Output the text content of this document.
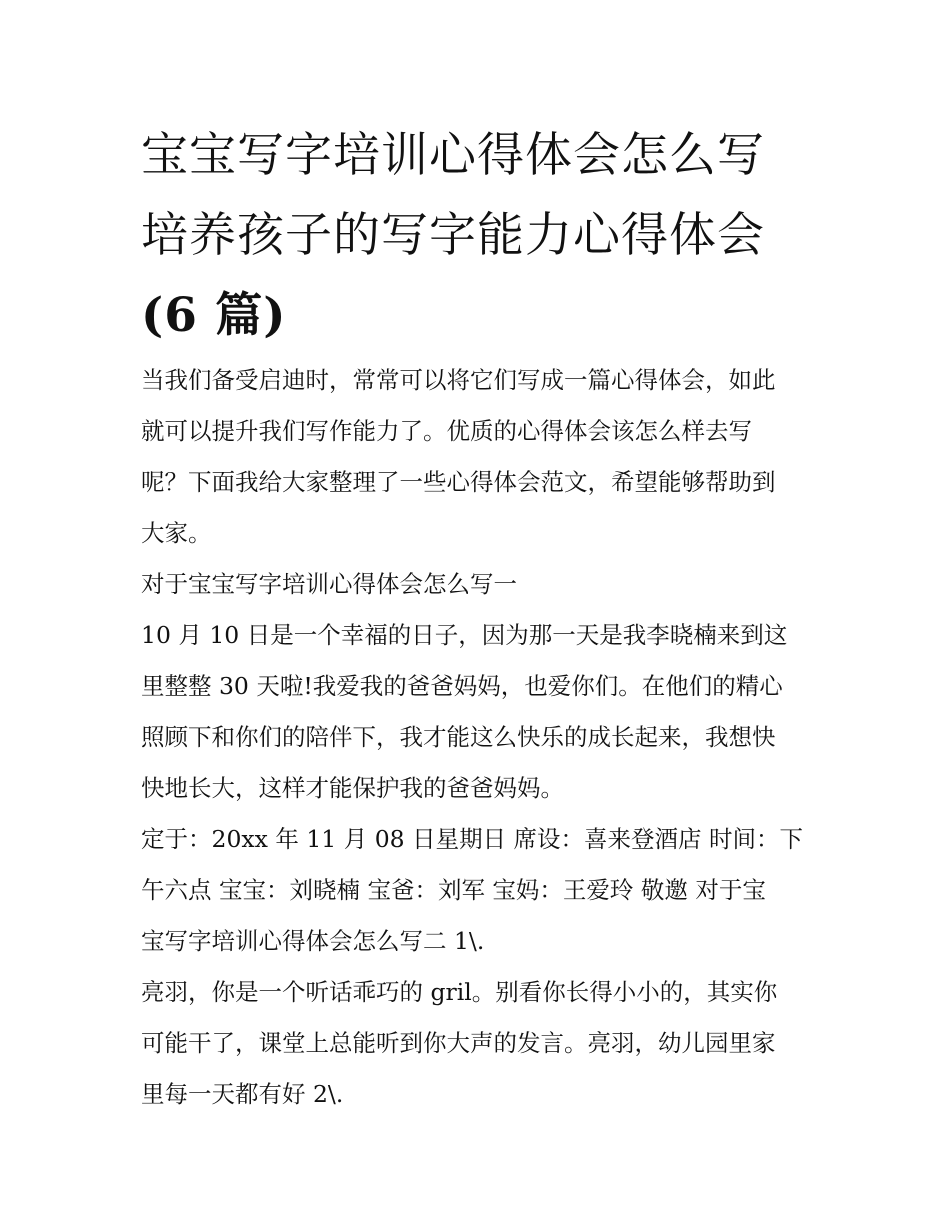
宝宝写字培训心得体会怎么写
培养孩子的写字能力心得体会
(6 篇)
当我们备受启迪时，常常可以将它们写成一篇心得体会，如此
就可以提升我们写作能力了。优质的心得体会该怎么样去写
呢？下面我给大家整理了一些心得体会范文，希望能够帮助到
大家。
对于宝宝写字培训心得体会怎么写一
10 月 10 日是一个幸福的日子，因为那一天是我李晓楠来到这
里整整 30 天啦!我爱我的爸爸妈妈，也爱你们。在他们的精心
照顾下和你们的陪伴下，我才能这么快乐的成长起来，我想快
快地长大，这样才能保护我的爸爸妈妈。
定于：20xx 年 11 月 08 日星期日 席设：喜来登酒店 时间：下
午六点 宝宝：刘晓楠 宝爸：刘军 宝妈：王爱玲 敬邀 对于宝
宝写字培训心得体会怎么写二 1\.
亮羽，你是一个听话乖巧的 gril。别看你长得小小的，其实你
可能干了，课堂上总能听到你大声的发言。亮羽，幼儿园里家
里每一天都有好 2\.
